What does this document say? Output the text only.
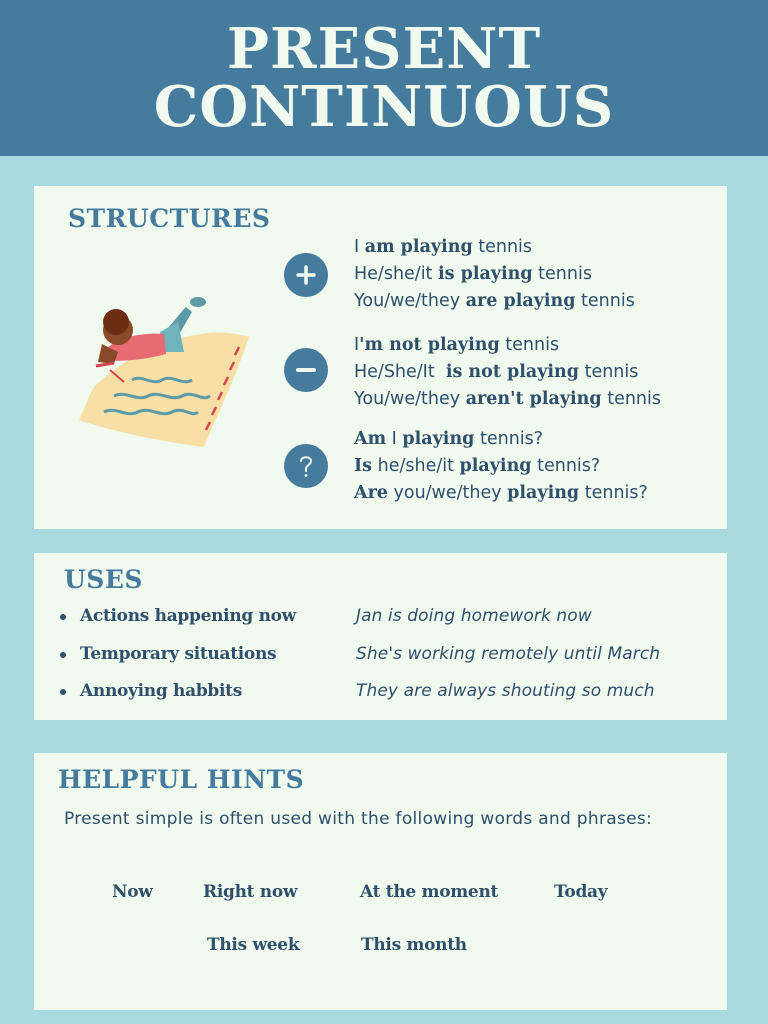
PRESENT
CONTINUOUS
STRUCTURES
I am playing tennis
He/she/it is playing tennis
You/we/they are playing tennis
I'm not playing tennis
He/She/It  is not playing tennis
You/we/they aren't playing tennis
Am I playing tennis?
Is he/she/it playing tennis?
Are you/we/they playing tennis?
USES
Actions happening now	Jan is doing homework now
Temporary situations	She's working remotely until March
Annoying habbits	They are always shouting so much
HELPFUL HINTS
Present simple is often used with the following words and phrases:
Now	Right now	At the moment	Today
This week	This month
